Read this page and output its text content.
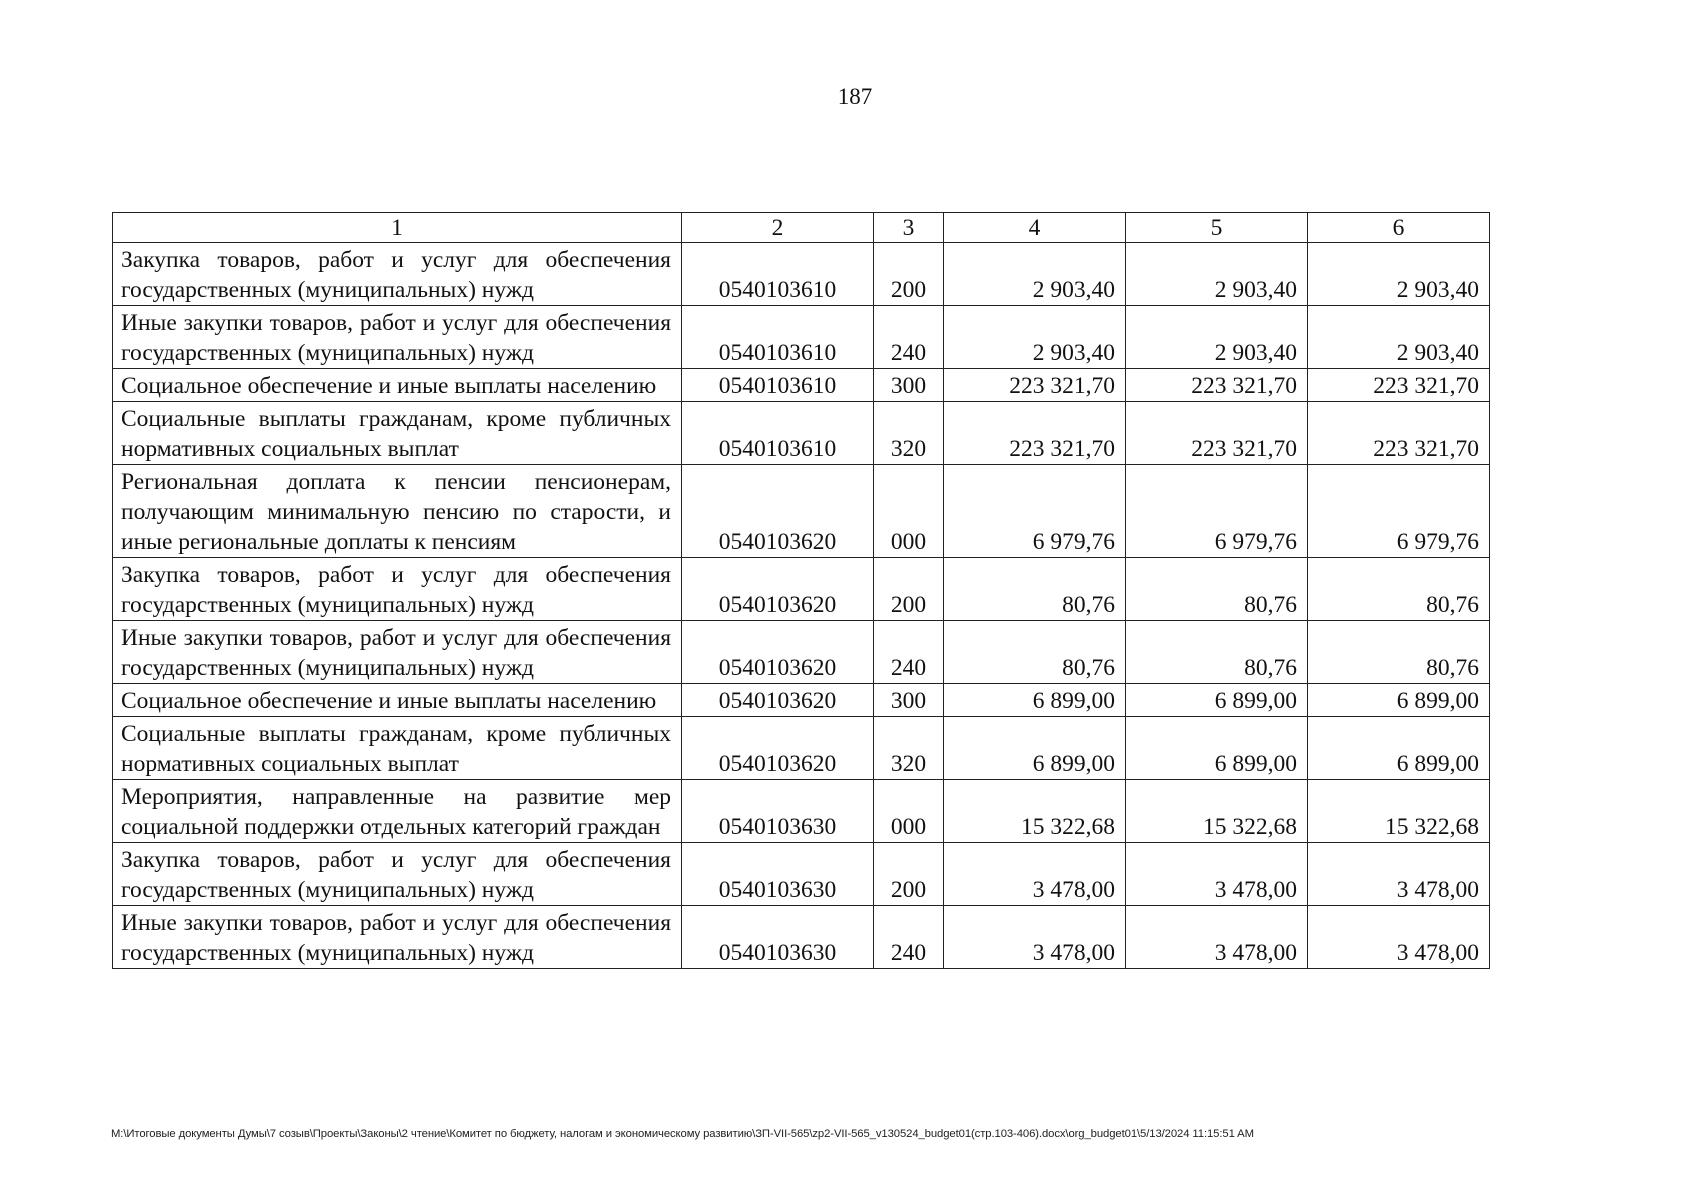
187
1	2	3	4	5	6
Закупка товаров, работ и услуг для обеспечения государственных (муниципальных) нужд	0540103610	200	2 903,40	2 903,40	2 903,40
Иные закупки товаров, работ и услуг для обеспечения государственных (муниципальных) нужд	0540103610	240	2 903,40	2 903,40	2 903,40
Социальное обеспечение и иные выплаты населению	0540103610	300	223 321,70	223 321,70	223 321,70
Социальные выплаты гражданам, кроме публичных нормативных социальных выплат	0540103610	320	223 321,70	223 321,70	223 321,70
Региональная доплата к пенсии пенсионерам, получающим минимальную пенсию по старости, и иные региональные доплаты к пенсиям	0540103620	000	6 979,76	6 979,76	6 979,76
Закупка товаров, работ и услуг для обеспечения государственных (муниципальных) нужд	0540103620	200	80,76	80,76	80,76
Иные закупки товаров, работ и услуг для обеспечения государственных (муниципальных) нужд	0540103620	240	80,76	80,76	80,76
Социальное обеспечение и иные выплаты населению	0540103620	300	6 899,00	6 899,00	6 899,00
Социальные выплаты гражданам, кроме публичных нормативных социальных выплат	0540103620	320	6 899,00	6 899,00	6 899,00
Мероприятия, направленные на развитие мер социальной поддержки отдельных категорий граждан	0540103630	000	15 322,68	15 322,68	15 322,68
Закупка товаров, работ и услуг для обеспечения государственных (муниципальных) нужд	0540103630	200	3 478,00	3 478,00	3 478,00
Иные закупки товаров, работ и услуг для обеспечения государственных (муниципальных) нужд	0540103630	240	3 478,00	3 478,00	3 478,00
M:\Итоговые документы Думы\7 созыв\Проекты\Законы\2 чтение\Комитет по бюджету, налогам и экономическому развитию\ЗП-VII-565\zp2-VII-565_v130524_budget01(стр.103-406).docx\org_budget01\5/13/2024 11:15:51 AM
